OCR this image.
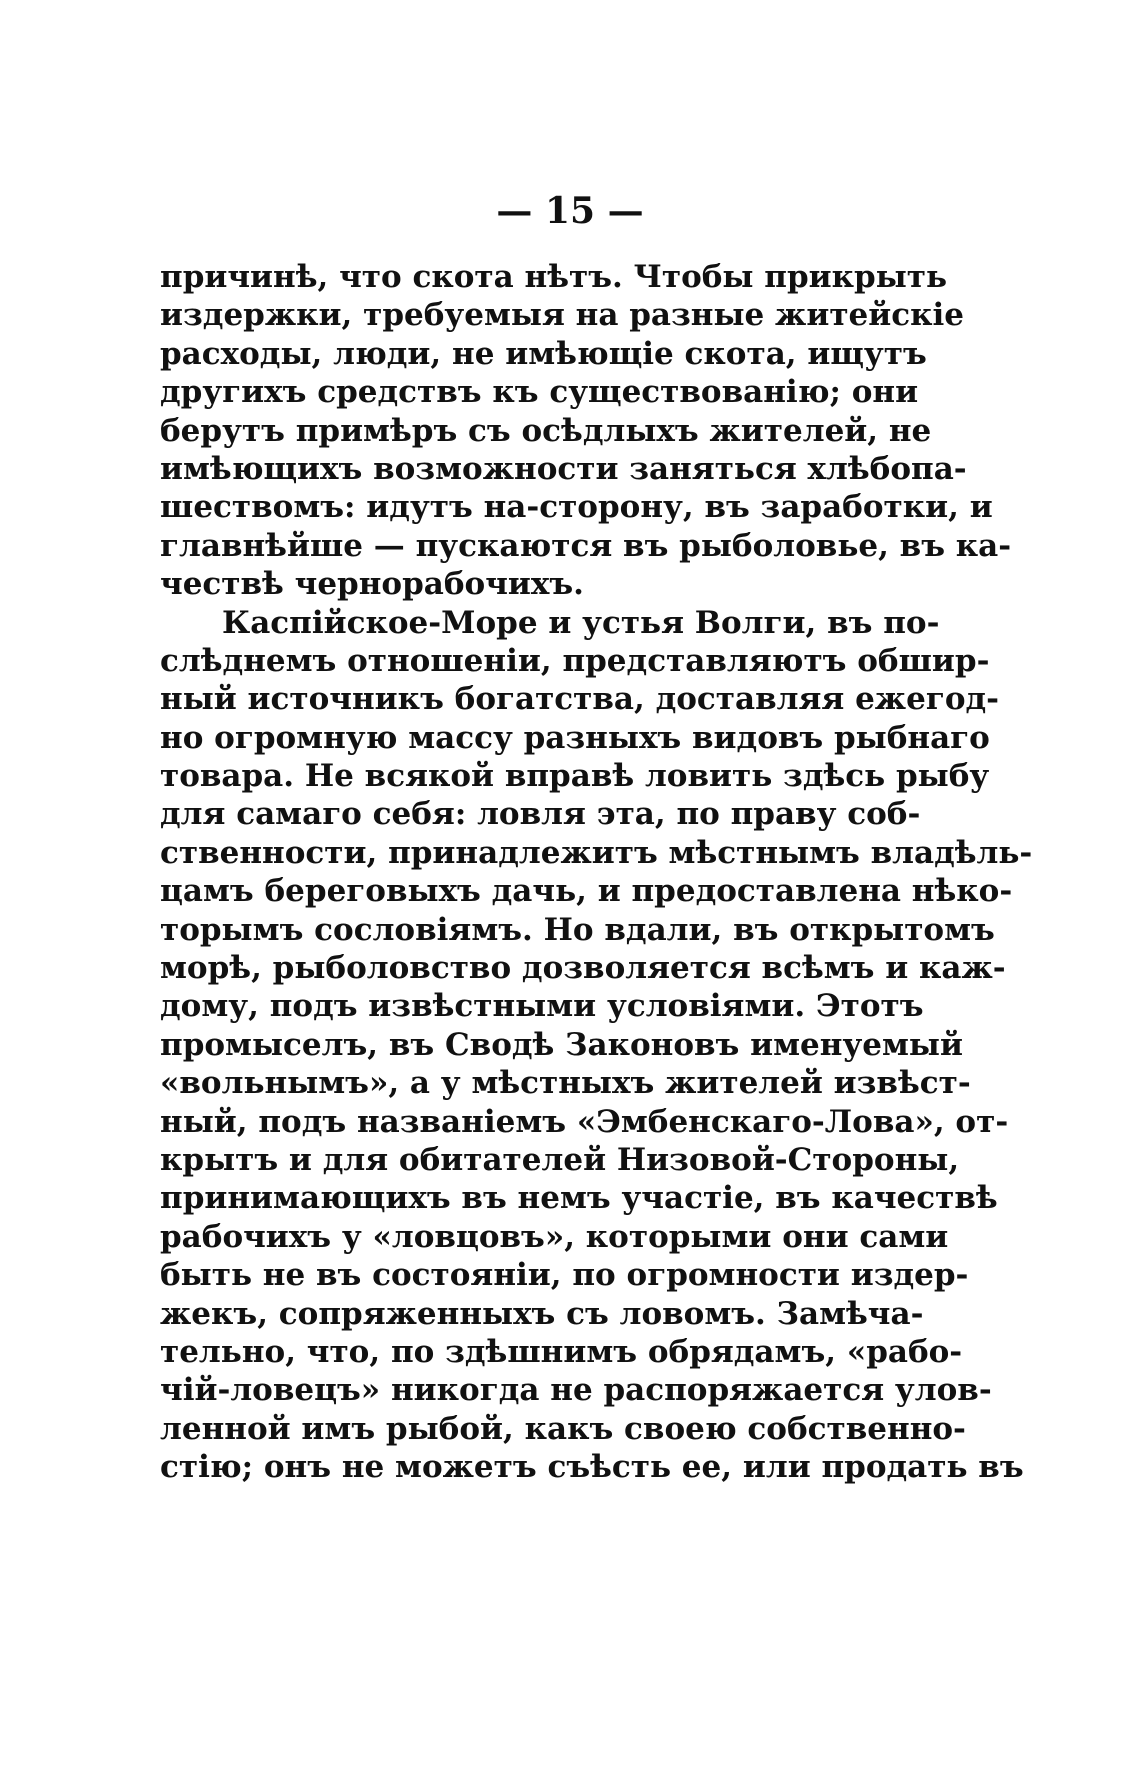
— 15 —
причинѣ, что скота нѣтъ. Чтобы прикрыть
издержки, требуемыя на разные житейскіе
расходы, люди, не имѣющіе скота, ищутъ
другихъ средствъ къ существованію; они
берутъ примѣръ съ осѣдлыхъ жителей, не
имѣющихъ возможности заняться хлѣбопа-
шествомъ: идутъ на-сторону, въ заработки, и
главнѣйше — пускаются въ рыболовье, въ ка-
чествѣ чернорабочихъ.
Каспійское-Море и устья Волги, въ по-
слѣднемъ отношеніи, представляютъ обшир-
ный источникъ богатства, доставляя ежегод-
но огромную массу разныхъ видовъ рыбнаго
товара. Не всякой вправѣ ловить здѣсь рыбу
для самаго себя: ловля эта, по праву соб-
ственности, принадлежитъ мѣстнымъ владѣль-
цамъ береговыхъ дачь, и предоставлена нѣко-
торымъ сословіямъ. Но вдали, въ открытомъ
морѣ, рыболовство дозволяется всѣмъ и каж-
дому, подъ извѣстными условіями. Этотъ
промыселъ, въ Сводѣ Законовъ именуемый
«вольнымъ», а у мѣстныхъ жителей извѣст-
ный, подъ названіемъ «Эмбенскаго-Лова», от-
крытъ и для обитателей Низовой-Стороны,
принимающихъ въ немъ участіе, въ качествѣ
рабочихъ у «ловцовъ», которыми они сами
быть не въ состояніи, по огромности издер-
жекъ, сопряженныхъ съ ловомъ. Замѣча-
тельно, что, по здѣшнимъ обрядамъ, «рабо-
чій-ловецъ» никогда не распоряжается улов-
ленной имъ рыбой, какъ своею собственно-
стію; онъ не можетъ съѣсть ее, или продать въ
